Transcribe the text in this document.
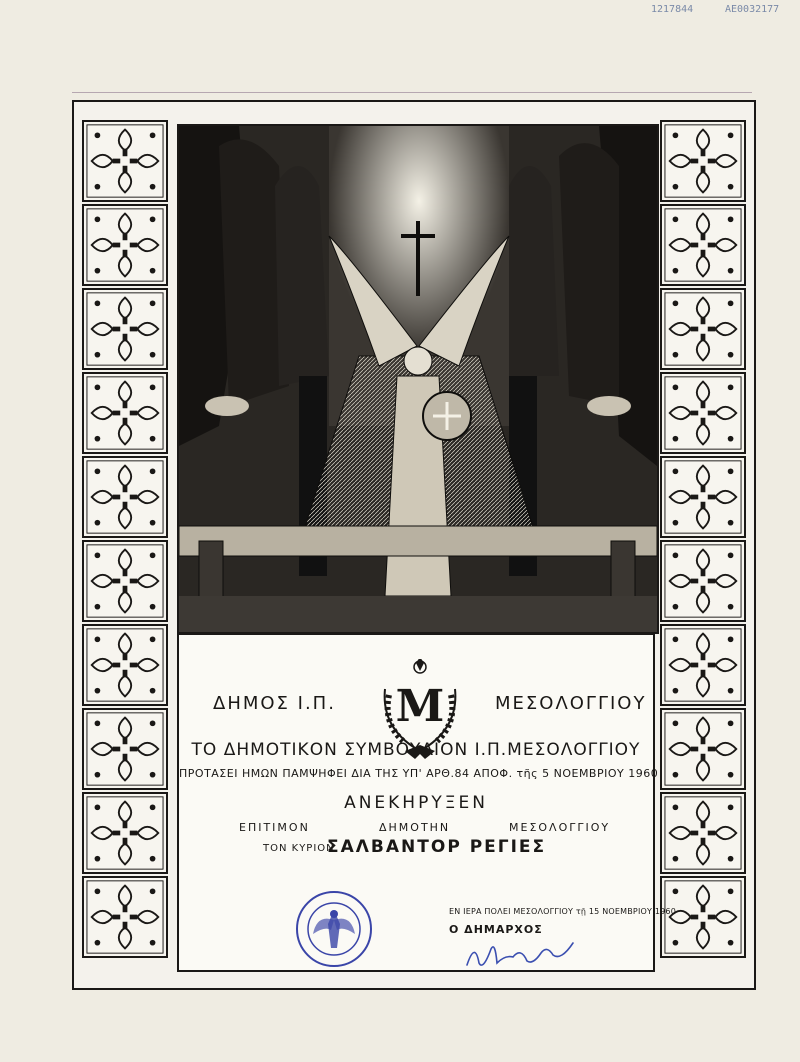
1217844	AE0032177
ΔΗΜΟΣ Ι.Π.	Μ	ΜΕΣΟΛΟΓΓΙΟΥ
ΤΟ ΔΗΜΟΤΙΚΟΝ ΣΥΜΒΟΥΛΙΟΝ Ι.Π.ΜΕΣΟΛΟΓΓΙΟΥ
ΠΡΟΤΑΣΕΙ ΗΜΩΝ ΠΑΜΨΗΦΕΙ ΔΙΑ ΤΗΣ ΥΠ' ΑΡΘ.84 ΑΠΟΦ. τῆς 5 ΝΟΕΜΒΡΙΟΥ 1960
ΑΝΕΚΗΡΥΞΕΝ
ΕΠΙΤΙΜΟΝ	ΔΗΜΟΤΗΝ	ΜΕΣΟΛΟΓΓΙΟΥ
ΤΟΝ ΚΥΡΙΟΝ
ΣΑΛΒΑΝΤΟΡ ΡΕΓΙΕΣ
ΕΝ ΙΕΡΑ ΠΟΛΕΙ ΜΕΣΟΛΟΓΓΙΟΥ τῇ 15 ΝΟΕΜΒΡΙΟΥ 1960
Ο ΔΗΜΑΡΧΟΣ
